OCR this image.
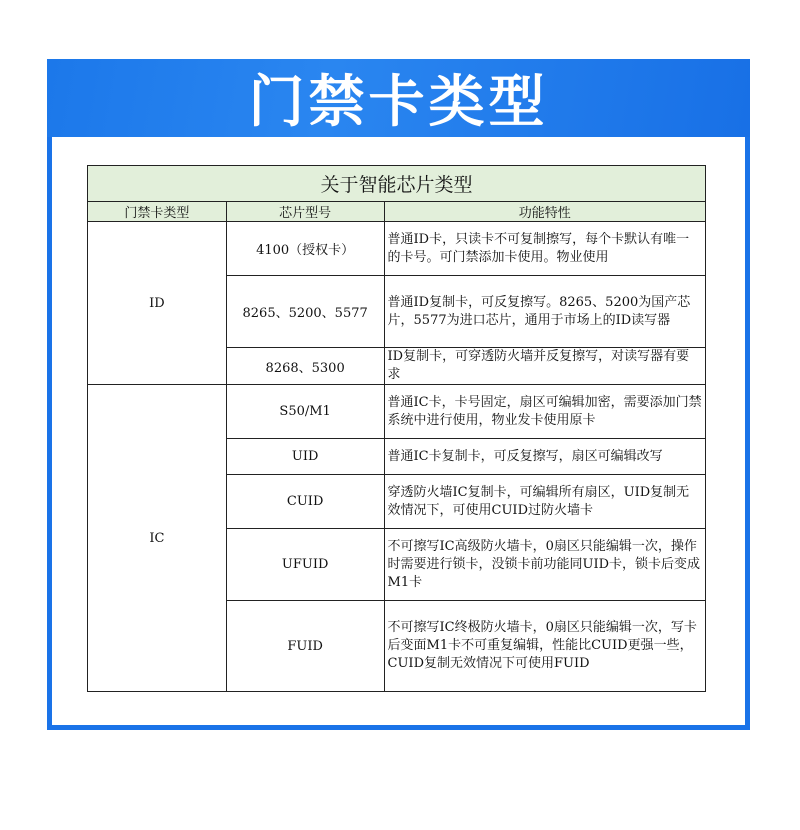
门禁卡类型
关于智能芯片类型		
门禁卡类型	芯片型号	功能特性
ID	4100（授权卡）	普通ID卡，只读卡不可复制擦写，每个卡默认有唯一的卡号。可门禁添加卡使用。物业使用
	8265、5200、5577	普通ID复制卡，可反复擦写。8265、5200为国产芯片，5577为进口芯片，通用于市场上的ID读写器
	8268、5300	ID复制卡，可穿透防火墙并反复擦写，对读写器有要求
IC	S50/M1	普通IC卡，卡号固定，扇区可编辑加密，需要添加门禁系统中进行使用，物业发卡使用原卡
	UID	普通IC卡复制卡，可反复擦写，扇区可编辑改写
	CUID	穿透防火墙IC复制卡，可编辑所有扇区，UID复制无效情况下，可使用CUID过防火墙卡
	UFUID	不可擦写IC高级防火墙卡，0扇区只能编辑一次，操作时需要进行锁卡，没锁卡前功能同UID卡，锁卡后变成M1卡
	FUID	不可擦写IC终极防火墙卡，0扇区只能编辑一次，写卡后变面M1卡不可重复编辑，性能比CUID更强一些，CUID复制无效情况下可使用FUID
